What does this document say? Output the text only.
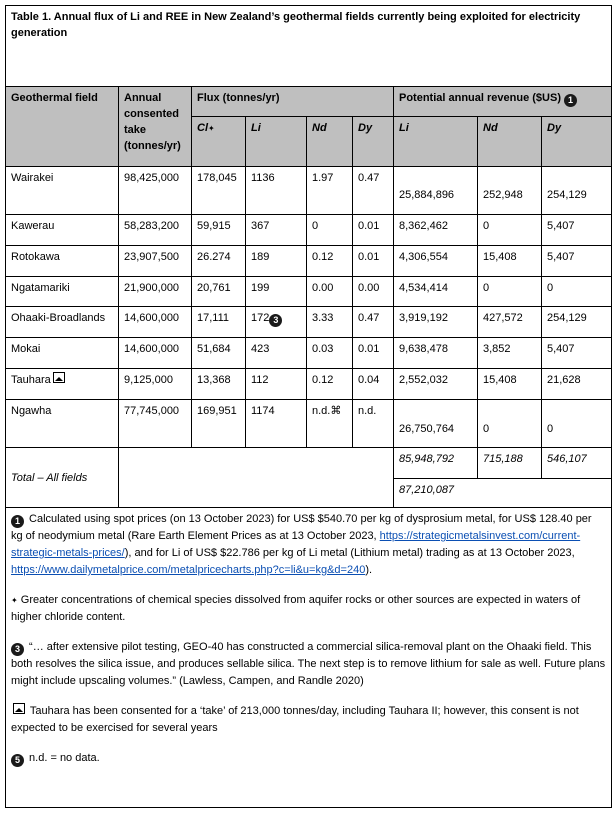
Table 1. Annual flux of Li and REE in New Zealand’s geothermal fields currently being exploited for electricity generation								
Geothermal field	Annual consented take (tonnes/yr)	Flux (tonnes/yr)				Potential annual revenue ($US) 1		
		Cl✦	Li	Nd	Dy	Li	Nd	Dy
Wairakei	98,425,000	178,045	1136	1.97	0.47	25,884,896	252,948	254,129
Kawerau	58,283,200	59,915	367	0	0.01	8,362,462	0	5,407
Rotokawa	23,907,500	26.274	189	0.12	0.01	4,306,554	15,408	5,407
Ngatamariki	21,900,000	20,761	199	0.00	0.00	4,534,414	0	0
Ohaaki-Broadlands	14,600,000	17,111	172 3	3.33	0.47	3,919,192	427,572	254,129
Mokai	14,600,000	51,684	423	0.03	0.01	9,638,478	3,852	5,407
Tauhara	9,125,000	13,368	112	0.12	0.04	2,552,032	15,408	21,628
Ngawha	77,745,000	169,951	1174	n.d.⌘	n.d.	26,750,764	0	0
Total – All fields						85,948,792	715,188	546,107
						87,210,087		

1 Calculated using spot prices (on 13 October 2023) for US$ $540.70 per kg of dysprosium metal, for US$ 128.40 per kg of neodymium metal (Rare Earth Element Prices as at 13 October 2023, https://strategicmetalsinvest.com/current-strategic-metals-prices/), and for Li of US$ $22.786 per kg of Li metal (Lithium metal) trading as at 13 October 2023, https://www.dailymetalprice.com/metalpricecharts.php?c=li&u=kg&d=240).
✦ Greater concentrations of chemical species dissolved from aquifer rocks or other sources are expected in waters of higher chloride content.
3 “… after extensive pilot testing, GEO-40 has constructed a commercial silica-removal plant on the Ohaaki field. This both resolves the silica issue, and produces sellable silica. The next step is to remove lithium for sale as well. Future plans might include upscaling volumes.” (Lawless, Campen, and Randle 2020)
Tauhara has been consented for a ‘take’ of 213,000 tonnes/day, including Tauhara II; however, this consent is not expected to be exercised for several years
5 n.d. = no data.								
